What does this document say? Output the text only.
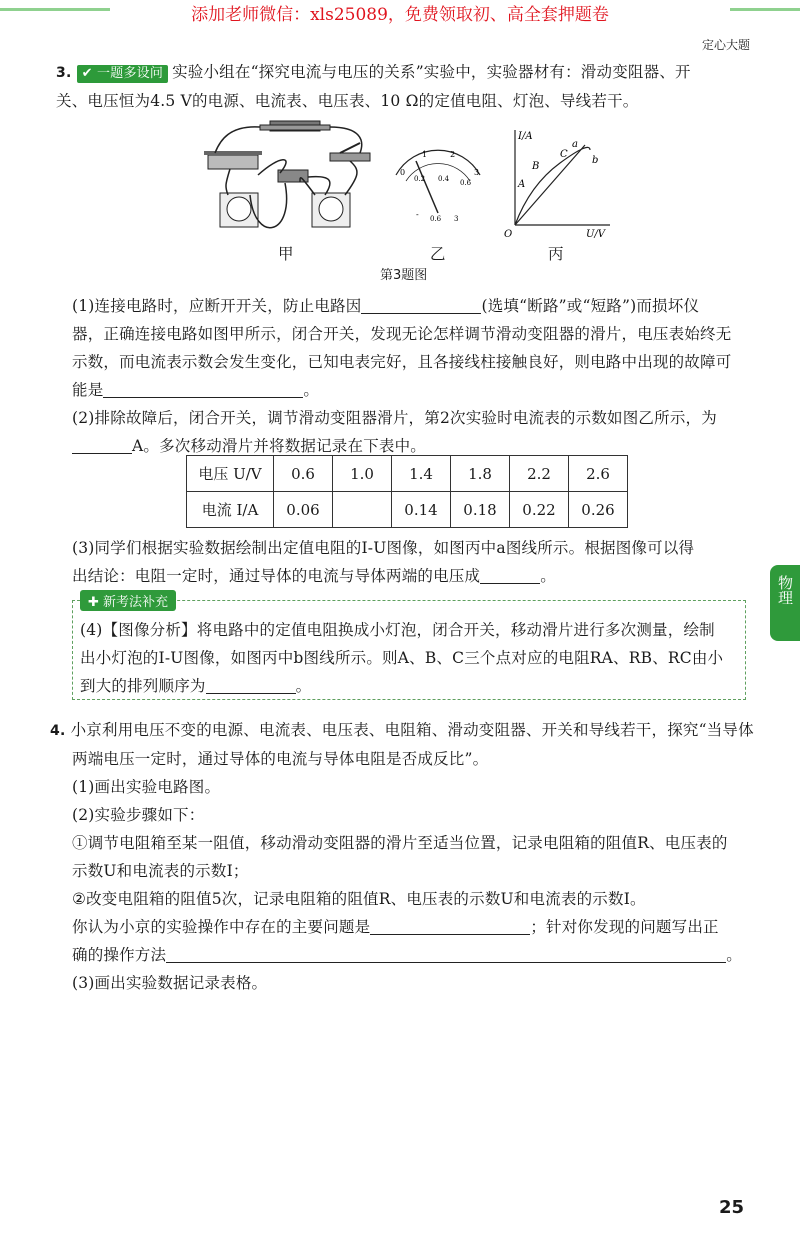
添加老师微信：xls25089，免费领取初、高全套押题卷
定心大题
3. ✔ 一题多设问 实验小组在“探究电流与电压的关系”实验中，实验器材有：滑动变阻器、开
关、电压恒为4.5 V的电源、电流表、电压表、10 Ω的定值电阻、灯泡、导线若干。
0
1	2
3
0.2 0.4 0.6
- 0.6 3
I/A
U/V
O
A
B
C
a
b
甲	乙	丙
第3题图
(1)连接电路时，应断开开关，防止电路因	(选填“断路”或“短路”)而损坏仪
器，正确连接电路如图甲所示，闭合开关，发现无论怎样调节滑动变阻器的滑片，电压表始终无
示数，而电流表示数会发生变化，已知电表完好，且各接线柱接触良好，则电路中出现的故障可
能是	。
(2)排除故障后，闭合开关，调节滑动变阻器滑片，第2次实验时电流表的示数如图乙所示，为
A。多次移动滑片并将数据记录在下表中。
电压 U/V	0.6	1.0	1.4	1.8	2.2	2.6
电流 I/A	0.06		0.14	0.18	0.22	0.26
(3)同学们根据实验数据绘制出定值电阻的I-U图像，如图丙中a图线所示。根据图像可以得
出结论：电阻一定时，通过导体的电流与导体两端的电压成	。
✚ 新考法补充
(4)【图像分析】将电路中的定值电阻换成小灯泡，闭合开关，移动滑片进行多次测量，绘制
出小灯泡的I-U图像，如图丙中b图线所示。则A、B、C三个点对应的电阻RA、RB、RC由小
到大的排列顺序为	。
4. 小京利用电压不变的电源、电流表、电压表、电阻箱、滑动变阻器、开关和导线若干，探究“当导体
两端电压一定时，通过导体的电流与导体电阻是否成反比”。
(1)画出实验电路图。
(2)实验步骤如下：
①调节电阻箱至某一阻值，移动滑动变阻器的滑片至适当位置，记录电阻箱的阻值R、电压表的
示数U和电流表的示数I；
②改变电阻箱的阻值5次，记录电阻箱的阻值R、电压表的示数U和电流表的示数I。
你认为小京的实验操作中存在的主要问题是	；针对你发现的问题写出正
确的操作方法	。
(3)画出实验数据记录表格。
物理
25
